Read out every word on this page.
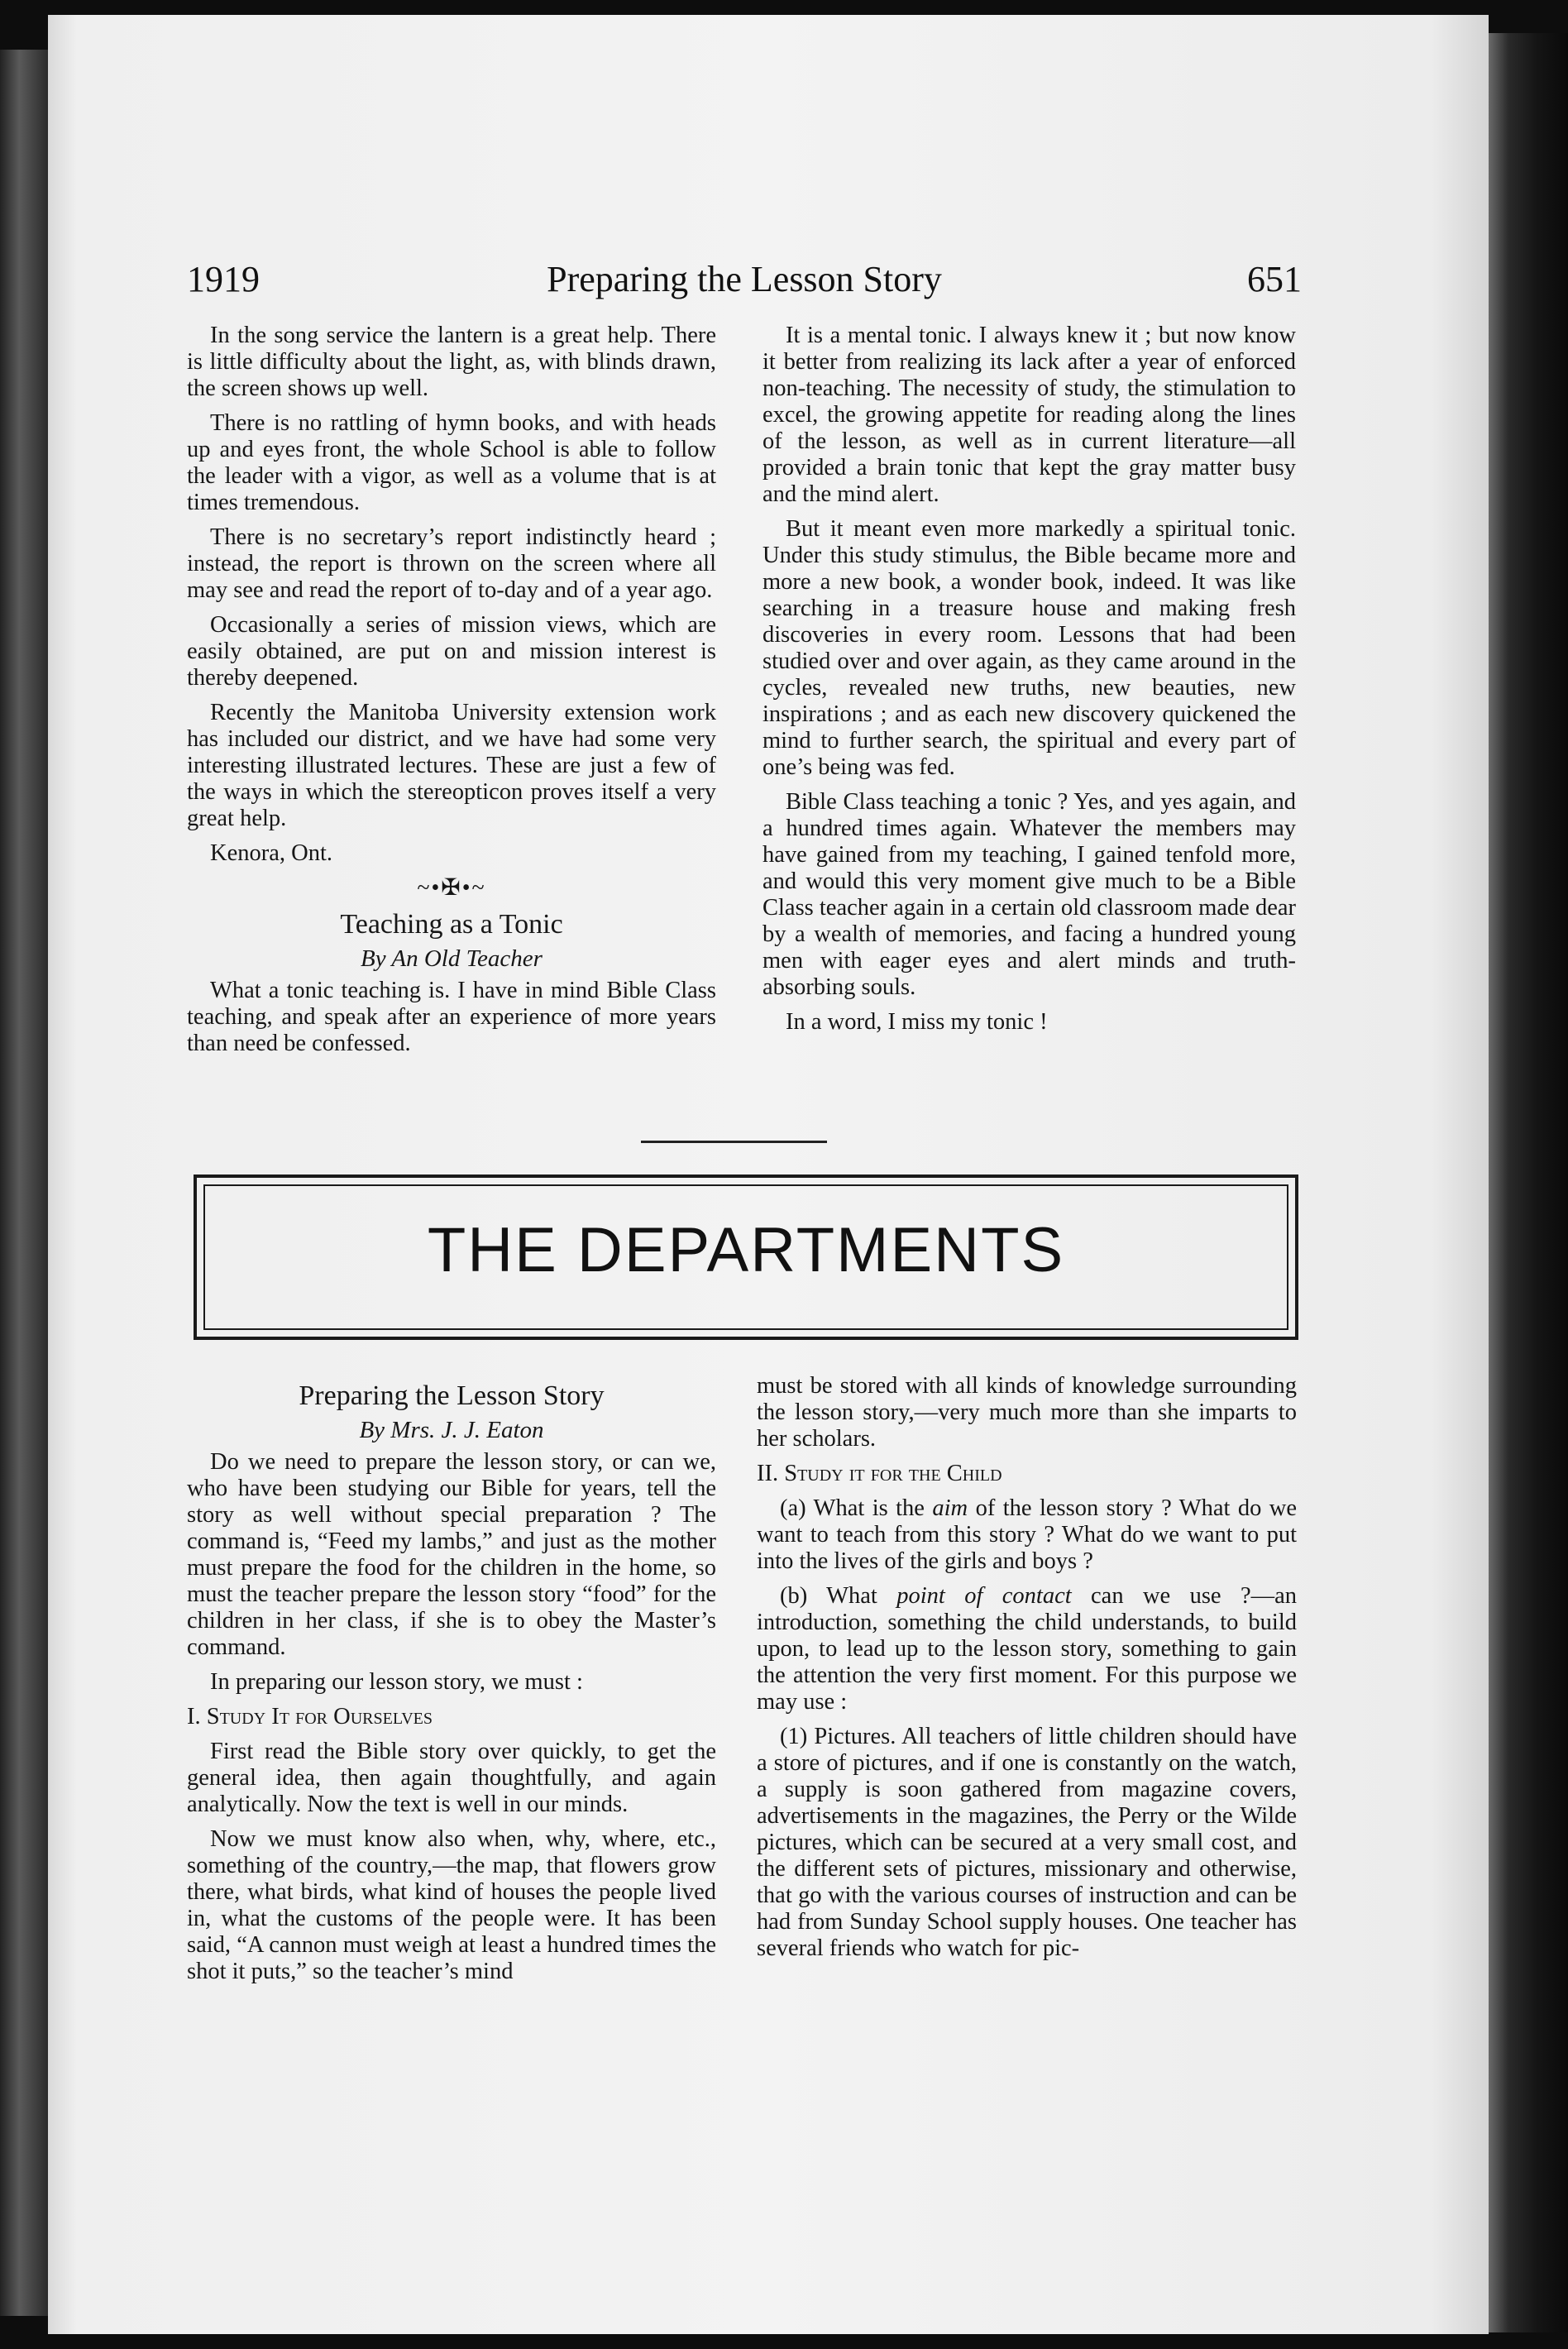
1919	Preparing the Lesson Story	651

In the song service the lantern is a great help. There is little difficulty about the light, as, with blinds drawn, the screen shows up well.

There is no rattling of hymn books, and with heads up and eyes front, the whole School is able to follow the leader with a vigor, as well as a volume that is at times tremendous.

There is no secretary’s report indistinctly heard ; instead, the report is thrown on the screen where all may see and read the report of to-day and of a year ago.

Occasionally a series of mission views, which are easily obtained, are put on and mission interest is thereby deepened.

Recently the Manitoba University extension work has included our district, and we have had some very interesting illustrated lectures. These are just a few of the ways in which the stereopticon proves itself a very great help.

Kenora, Ont.
~•✠•~
Teaching as a Tonic
By An Old Teacher

What a tonic teaching is. I have in mind Bible Class teaching, and speak after an experience of more years than need be confessed.

It is a mental tonic. I always knew it ; but now know it better from realizing its lack after a year of enforced non-teaching. The necessity of study, the stimulation to excel, the growing appetite for reading along the lines of the lesson, as well as in current literature—all provided a brain tonic that kept the gray matter busy and the mind alert.

But it meant even more markedly a spiritual tonic. Under this study stimulus, the Bible became more and more a new book, a wonder book, indeed. It was like searching in a treasure house and making fresh discoveries in every room. Lessons that had been studied over and over again, as they came around in the cycles, revealed new truths, new beauties, new inspirations ; and as each new discovery quickened the mind to further search, the spiritual and every part of one’s being was fed.

Bible Class teaching a tonic ? Yes, and yes again, and a hundred times again. Whatever the members may have gained from my teaching, I gained tenfold more, and would this very moment give much to be a Bible Class teacher again in a certain old classroom made dear by a wealth of memories, and facing a hundred young men with eager eyes and alert minds and truth-absorbing souls.

In a word, I miss my tonic !

THE DEPARTMENTS
Preparing the Lesson Story
By Mrs. J. J. Eaton

Do we need to prepare the lesson story, or can we, who have been studying our Bible for years, tell the story as well without special preparation ? The command is, “Feed my lambs,” and just as the mother must prepare the food for the children in the home, so must the teacher prepare the lesson story “food” for the children in her class, if she is to obey the Master’s command.

In preparing our lesson story, we must :

I. Study It for Ourselves

First read the Bible story over quickly, to get the general idea, then again thoughtfully, and again analytically. Now the text is well in our minds.

Now we must know also when, why, where, etc., something of the country,—the map, that flowers grow there, what birds, what kind of houses the people lived in, what the customs of the people were. It has been said, “A cannon must weigh at least a hundred times the shot it puts,” so the teacher’s mind

must be stored with all kinds of knowledge surrounding the lesson story,—very much more than she imparts to her scholars.

II. Study it for the Child

(a) What is the aim of the lesson story ? What do we want to teach from this story ? What do we want to put into the lives of the girls and boys ?

(b) What point of contact can we use ?—an introduction, something the child understands, to build upon, to lead up to the lesson story, something to gain the attention the very first moment. For this purpose we may use :

(1) Pictures. All teachers of little children should have a store of pictures, and if one is constantly on the watch, a supply is soon gathered from magazine covers, advertisements in the magazines, the Perry or the Wilde pictures, which can be secured at a very small cost, and the different sets of pictures, missionary and otherwise, that go with the various courses of instruction and can be had from Sunday School supply houses. One teacher has several friends who watch for pic-
